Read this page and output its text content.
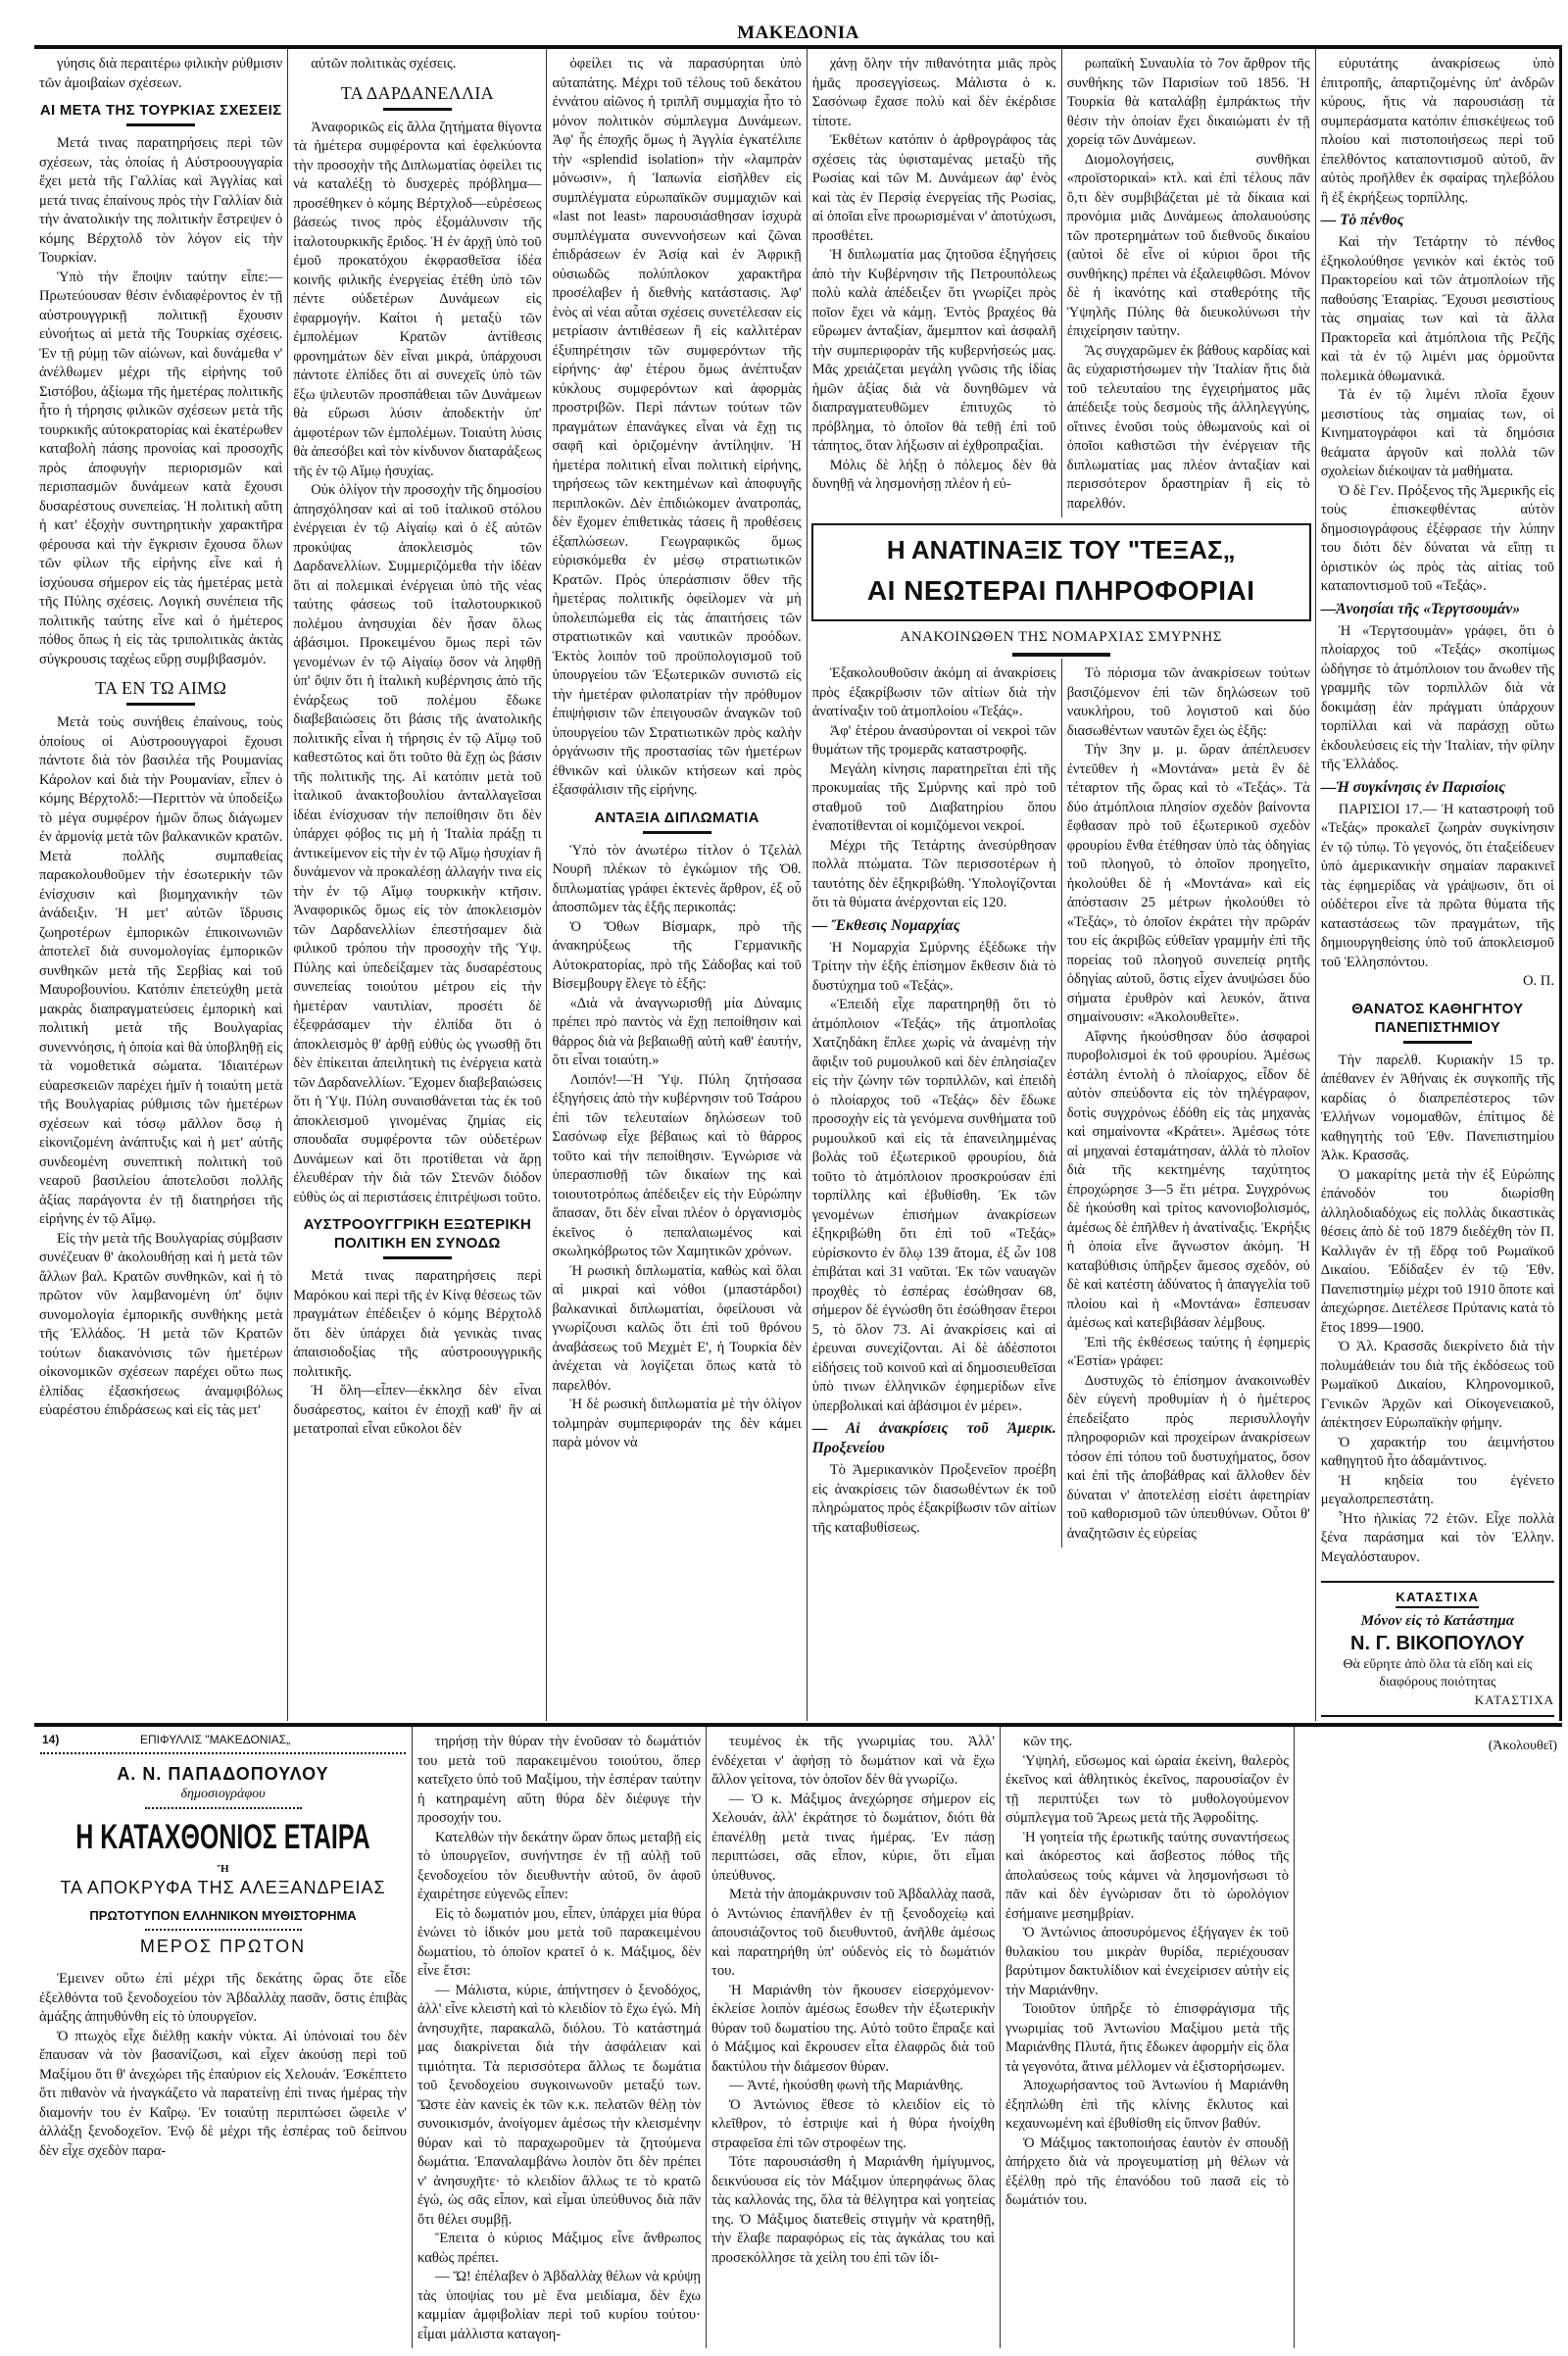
ΜΑΚΕΔΟΝΙΑ

γύησις διὰ περαιτέρω φιλικὴν ρύθμισιν τῶν ἀμοιβαίων σχέσεων.

ΑΙ ΜΕΤΑ ΤΗΣ ΤΟΥΡΚΙΑΣ ΣΧΕΣΕΙΣ

Μετά τινας παρατηρήσεις περὶ τῶν σχέσεων, τὰς ὁποίας ἡ Αὐστροουγγαρία ἔχει μετὰ τῆς Γαλλίας καὶ Ἀγγλίας καὶ μετά τινας ἐπαίνους πρὸς τὴν Γαλλίαν διὰ τὴν ἀνατολικήν της πολιτικὴν ἔστρεψεν ὁ κόμης Βέρχτολδ τὸν λόγον εἰς τὴν Τουρκίαν.

Ὑπὸ τὴν ἔποψιν ταύτην εἶπε:— Πρωτεύουσαν θέσιν ἐνδιαφέροντος ἐν τῇ αὐστρουγγρικῇ πολιτικῇ ἔχουσιν εὐνοήτως αἱ μετὰ τῆς Τουρκίας σχέσεις. Ἐν τῇ ρύμῃ τῶν αἰώνων, καὶ δυνάμεθα ν' ἀνέλθωμεν μέχρι τῆς εἰρήνης τοῦ Σιστόβου, ἀξίωμα τῆς ἡμετέρας πολιτικῆς ἦτο ἡ τήρησις φιλικῶν σχέσεων μετὰ τῆς τουρκικῆς αὐτοκρατορίας καὶ ἑκατέρωθεν καταβολὴ πάσης προνοίας καὶ προσοχῆς πρὸς ἀποφυγὴν περιορισμῶν καὶ περισπασμῶν δυνάμεων κατὰ ἔχουσι δυσαρέστους συνεπείας. Ἡ πολιτικὴ αὕτη ἡ κατ' ἐξοχὴν συντηρητικὴν χαρακτῆρα φέρουσα καὶ τὴν ἔγκρισιν ἔχουσα ὅλων τῶν φίλων τῆς εἰρήνης εἶνε καὶ ἡ ἰσχύουσα σήμερον εἰς τὰς ἡμετέρας μετὰ τῆς Πύλης σχέσεις. Λογικὴ συνέπεια τῆς πολιτικῆς ταύτης εἶνε καὶ ὁ ἡμέτερος πόθος ὅπως ἡ εἰς τὰς τριπολιτικὰς ἀκτὰς σύγκρουσις ταχέως εὕρῃ συμβιβασμόν.

ΤΑ ΕΝ ΤΩ ΑΙΜΩ

Μετὰ τοὺς συνήθεις ἐπαίνους, τοὺς ὁποίους οἱ Αὐστροουγγαροὶ ἔχουσι πάντοτε διὰ τὸν βασιλέα τῆς Ρουμανίας Κάρολον καὶ διὰ τὴν Ρουμανίαν, εἶπεν ὁ κόμης Βέρχτολδ:—Περιττὸν νὰ ὑποδείξω τὸ μέγα συμφέρον ἡμῶν ὅπως διάγωμεν ἐν ἁρμονίᾳ μετὰ τῶν βαλκανικῶν κρατῶν. Μετὰ πολλῆς συμπαθείας παρακολουθοῦμεν τὴν ἐσωτερικὴν τῶν ἐνίσχυσιν καὶ βιομηχανικὴν τῶν ἀνάδειξιν. Ἡ μετ' αὐτῶν ἵδρυσις ζωηροτέρων ἐμπορικῶν ἐπικοινωνιῶν ἀποτελεῖ διὰ συνομολογίας ἐμπορικῶν συνθηκῶν μετὰ τῆς Σερβίας καὶ τοῦ Μαυροβουνίου. Κατόπιν ἐπετεύχθη μετὰ μακρὰς διαπραγματεύσεις ἐμπορικὴ καὶ πολιτικὴ μετὰ τῆς Βουλγαρίας συνεννόησις, ἡ ὁποία καὶ θὰ ὑποβληθῇ εἰς τὰ νομοθετικὰ σώματα. Ἰδιαιτέρων εὐαρεσκειῶν παρέχει ἡμῖν ἡ τοιαύτη μετὰ τῆς Βουλγαρίας ρύθμισις τῶν ἡμετέρων σχέσεων καὶ τόσῳ μᾶλλον ὅσῳ ἡ εἰκονιζομένη ἀνάπτυξις καὶ ἡ μετ' αὐτῆς συνδεομένη συνεπτικὴ πολιτικὴ τοῦ νεαροῦ βασιλείου ἀποτελοῦσι πολλῆς ἀξίας παράγοντα ἐν τῇ διατηρήσει τῆς εἰρήνης ἐν τῷ Αἵμῳ.

Εἰς τὴν μετὰ τῆς Βουλγαρίας σύμβασιν συνέζευαν θ' ἀκολουθήσῃ καὶ ἡ μετὰ τῶν ἄλλων βαλ. Κρατῶν συνθηκῶν, καὶ ἡ τὸ πρῶτον νῦν λαμβανομένη ὑπ' ὄψιν συνομολογία ἐμπορικῆς συνθήκης μετὰ τῆς Ἑλλάδος. Ἡ μετὰ τῶν Κρατῶν τούτων διακανόνισις τῶν ἡμετέρων οἰκονομικῶν σχέσεων παρέχει οὕτω πως ἐλπίδας ἐξασκήσεως ἀναμφιβόλως εὐαρέστου ἐπιδράσεως καὶ εἰς τὰς μετ'

αὐτῶν πολιτικὰς σχέσεις.

ΤΑ ΔΑΡΔΑΝΕΛΛΙΑ

Ἀναφορικῶς εἰς ἄλλα ζητήματα θίγοντα τὰ ἡμέτερα συμφέροντα καὶ ἑφελκύοντα τὴν προσοχὴν τῆς Διπλωματίας ὀφείλει τις νὰ καταλέξῃ τὸ δυσχερὲς πρόβλημα— προσέθηκεν ὁ κόμης Βέρτχλοδ—εὑρέσεως βάσεώς τινος πρὸς ἐξομάλυνσιν τῆς ἰταλοτουρκικῆς ἔριδος. Ἡ ἐν ἀρχῇ ὑπὸ τοῦ ἐμοῦ προκατόχου ἐκφρασθεῖσα ἰδέα κοινῆς φιλικῆς ἐνεργείας ἐτέθη ὑπὸ τῶν πέντε οὐδετέρων Δυνάμεων εἰς ἐφαρμογήν. Καίτοι ἡ μεταξὺ τῶν ἐμπολέμων Κρατῶν ἀντίθεσις φρονημάτων δὲν εἶναι μικρά, ὑπάρχουσι πάντοτε ἐλπίδες ὅτι αἱ συνεχεῖς ὑπὸ τῶν ἔξω ψιλευτῶν προσπάθειαι τῶν Δυνάμεων θὰ εὕρωσι λύσιν ἀποδεκτὴν ὑπ' ἀμφοτέρων τῶν ἐμπολέμων. Τοιαύτη λύσις θὰ ἀπεσόβει καὶ τὸν κίνδυνον διαταράξεως τῆς ἐν τῷ Αἵμῳ ἡσυχίας.

Οὐκ ὀλίγον τὴν προσοχὴν τῆς δημοσίου ἀπησχόλησαν καὶ αἱ τοῦ ἰταλικοῦ στόλου ἐνέργειαι ἐν τῷ Αἰγαίῳ καὶ ὁ ἐξ αὐτῶν προκύψας ἀποκλεισμὸς τῶν Δαρδανελλίων. Συμμεριζόμεθα τὴν ἰδέαν ὅτι αἱ πολεμικαὶ ἐνέργειαι ὑπὸ τῆς νέας ταύτης φάσεως τοῦ ἰταλοτουρκικοῦ πολέμου ἀνησυχίαι δὲν ἦσαν ὅλως ἀβάσιμοι. Προκειμένου ὅμως περὶ τῶν γενομένων ἐν τῷ Αἰγαίῳ ὅσον νὰ ληφθῇ ὑπ' ὄψιν ὅτι ἡ ἰταλικὴ κυβέρνησις ἀπὸ τῆς ἐνάρξεως τοῦ πολέμου ἔδωκε διαβεβαιώσεις ὅτι βάσις τῆς ἀνατολικῆς πολιτικῆς εἶναι ἡ τήρησις ἐν τῷ Αἵμῳ τοῦ καθεστῶτος καὶ ὅτι τοῦτο θὰ ἔχῃ ὡς βάσιν τῆς πολιτικῆς της. Αἱ κατόπιν μετὰ τοῦ ἰταλικοῦ ἀνακτοβουλίου ἀνταλλαγεῖσαι ἰδέαι ἐνίσχυσαν τὴν πεποίθησιν ὅτι δὲν ὑπάρχει φόβος τις μὴ ἡ Ἰταλία πράξῃ τι ἀντικείμενον εἰς τὴν ἐν τῷ Αἵμῳ ἡσυχίαν ἢ δυνάμενον νὰ προκαλέσῃ ἀλλαγήν τινα εἰς τὴν ἐν τῷ Αἵμῳ τουρκικὴν κτῆσιν. Ἀναφορικῶς ὅμως εἰς τὸν ἀποκλεισμὸν τῶν Δαρδανελλίων ἐπεστήσαμεν διὰ φιλικοῦ τρόπου τὴν προσοχὴν τῆς Ὑψ. Πύλης καὶ ὑπεδείξαμεν τὰς δυσαρέστους συνεπείας τοιούτου μέτρου εἰς τὴν ἡμετέραν ναυτιλίαν, προσέτι δὲ ἐξεφράσαμεν τὴν ἐλπίδα ὅτι ὁ ἀποκλεισμὸς θ' ἀρθῇ εὐθὺς ὡς γνωσθῇ ὅτι δὲν ἐπίκειται ἀπειλητικὴ τις ἐνέργεια κατὰ τῶν Δαρδανελλίων. Ἔχομεν διαβεβαιώσεις ὅτι ἡ Ὑψ. Πύλη συναισθάνεται τὰς ἐκ τοῦ ἀποκλεισμοῦ γινομένας ζημίας εἰς σπουδαῖα συμφέροντα τῶν οὐδετέρων Δυνάμεων καὶ ὅτι προτίθεται νὰ ἄρῃ ἐλευθέραν τὴν διὰ τῶν Στενῶν διόδον εὐθὺς ὡς αἱ περιστάσεις ἐπιτρέψωσι τοῦτο.

ΑΥΣΤΡΟΟΥΓΓΡΙΚΗ ΕΞΩΤΕΡΙΚΗ ΠΟΛΙΤΙΚΗ ΕΝ ΣΥΝΟΔΩ

Μετά τινας παρατηρήσεις περὶ Μαρόκου καὶ περὶ τῆς ἐν Κίνᾳ θέσεως τῶν πραγμάτων ἐπέδειξεν ὁ κόμης Βέρχτολδ ὅτι δὲν ὑπάρχει διὰ γενικὰς τινας ἀπαισιοδοξίας τῆς αὐστροουγγρικῆς πολιτικῆς.

Ἡ ὅλη—εἶπεν—ἐκκλησ δὲν εἶναι δυσάρεστος, καίτοι ἐν ἐποχῇ καθ' ἣν αἱ μετατροπαὶ εἶναι εὔκολοι δὲν

ὀφείλει τις νὰ παρασύρηται ὑπὸ αὐταπάτης. Μέχρι τοῦ τέλους τοῦ δεκάτου ἐννάτου αἰῶνος ἡ τριπλῆ συμμαχία ἦτο τὸ μόνον πολιτικὸν σύμπλεγμα Δυνάμεων. Ἀφ' ἧς ἐποχῆς ὅμως ἡ Ἀγγλία ἐγκατέλιπε τὴν «splendid isolation» τὴν «λαμπρὰν μόνωσιν», ἡ Ἰαπωνία εἰσῆλθεν εἰς συμπλέγματα εὐρωπαϊκῶν συμμαχιῶν καὶ «last not least» παρουσιάσθησαν ἰσχυρὰ συμπλέγματα συνεννοήσεων καὶ ζῶναι ἐπιδράσεων ἐν Ἀσίᾳ καὶ ἐν Ἀφρικῇ οὐσιωδῶς πολύπλοκον χαρακτῆρα προσέλαβεν ἡ διεθνὴς κατάστασις. Ἀφ' ἑνὸς αἱ νέαι αὗται σχέσεις συνετέλεσαν εἰς μετρίασιν ἀντιθέσεων ἢ εἰς καλλιτέραν ἐξυπηρέτησιν τῶν συμφερόντων τῆς εἰρήνης· ἀφ' ἑτέρου ὅμως ἀνέπτυξαν κύκλους συμφερόντων καὶ ἀφορμὰς προστριβῶν. Περὶ πάντων τούτων τῶν πραγμάτων ἐπανάγκες εἶναι νὰ ἔχῃ τις σαφῆ καὶ ὁριζομένην ἀντίληψιν. Ἡ ἡμετέρα πολιτικὴ εἶναι πολιτικὴ εἰρήνης, τηρήσεως τῶν κεκτημένων καὶ ἀποφυγῆς περιπλοκῶν. Δὲν ἐπιδιώκομεν ἀνατροπάς, δὲν ἔχομεν ἐπιθετικὰς τάσεις ἢ προθέσεις ἐξαπλώσεων. Γεωγραφικῶς ὅμως εὑρισκόμεθα ἐν μέσῳ στρατιωτικῶν Κρατῶν. Πρὸς ὑπεράσπισιν ὅθεν τῆς ἡμετέρας πολιτικῆς ὀφείλομεν νὰ μὴ ὑπολειπώμεθα εἰς τὰς ἀπαιτήσεις τῶν στρατιωτικῶν καὶ ναυτικῶν προόδων. Ἐκτὸς λοιπὸν τοῦ προϋπολογισμοῦ τοῦ ὑπουργείου τῶν Ἐξωτερικῶν συνιστῶ εἰς τὴν ἡμετέραν φιλοπατρίαν τὴν πρόθυμον ἐπιψήφισιν τῶν ἐπειγουσῶν ἀναγκῶν τοῦ ὑπουργείου τῶν Στρατιωτικῶν πρὸς καλὴν ὀργάνωσιν τῆς προστασίας τῶν ἡμετέρων ἐθνικῶν καὶ ὑλικῶν κτήσεων καὶ πρὸς ἐξασφάλισιν τῆς εἰρήνης.

ΑΝΤΑΞΙΑ ΔΙΠΛΩΜΑΤΙΑ

Ὑπὸ τὸν ἀνωτέρω τίτλον ὁ Τζελὰλ Νουρῆ πλέκων τὸ ἐγκώμιον τῆς Ὀθ. διπλωματίας γράφει ἐκτενὲς ἄρθρον, ἐξ οὗ ἀποσπῶμεν τὰς ἑξῆς περικοπάς:

Ὁ Ὄθων Βίσμαρκ, πρὸ τῆς ἀνακηρύξεως τῆς Γερμανικῆς Αὐτοκρατορίας, πρὸ τῆς Σάδοβας καὶ τοῦ Βίσεμβουργ ἔλεγε τὸ ἑξῆς:

«Διὰ νὰ ἀναγνωρισθῇ μία Δύναμις πρέπει πρὸ παντὸς νὰ ἔχῃ πεποίθησιν καὶ θάρρος διὰ νὰ βεβαιωθῇ αὐτὴ καθ' ἑαυτήν, ὅτι εἶναι τοιαύτη.»

Λοιπόν!—Ἡ Ὑψ. Πύλη ζητήσασα ἐξηγήσεις ἀπὸ τὴν κυβέρνησιν τοῦ Τσάρου ἐπὶ τῶν τελευταίων δηλώσεων τοῦ Σασόνωφ εἶχε βέβαιως καὶ τὸ θάρρος τοῦτο καὶ τὴν πεποίθησιν. Ἐγνώρισε νὰ ὑπερασπισθῇ τῶν δικαίων της καὶ τοιουτοτρόπως ἀπέδειξεν εἰς τὴν Εὐρώπην ἅπασαν, ὅτι δὲν εἶναι πλέον ὁ ὀργανισμὸς ἐκεῖνος ὁ πεπαλαιωμένος καὶ σκωληκόβρωτος τῶν Χαμητικῶν χρόνων.

Ἡ ρωσικὴ διπλωματία, καθὼς καὶ ὅλαι αἱ μικραὶ καὶ νόθοι (μπαστάρδοι) βαλκανικαὶ διπλωματίαι, ὀφείλουσι νὰ γνωρίζουσι καλῶς ὅτι ἐπὶ τοῦ θρόνου ἀναβάσεως τοῦ Μεχμὲτ Ε', ἡ Τουρκία δὲν ἀνέχεται νὰ λογίζεται ὅπως κατὰ τὸ παρελθόν.

Ἡ δὲ ρωσικὴ διπλωματία μὲ τὴν ὀλίγον τολμηρὰν συμπεριφοράν της δὲν κάμει παρὰ μόνον νὰ

χάνῃ ὅλην τὴν πιθανότητα μιᾶς πρὸς ἡμᾶς προσεγγίσεως. Μάλιστα ὁ κ. Σασόνωφ ἔχασε πολὺ καὶ δὲν ἐκέρδισε τίποτε.

Ἐκθέτων κατόπιν ὁ ἀρθρογράφος τὰς σχέσεις τὰς ὑφισταμένας μεταξὺ τῆς Ρωσίας καὶ τῶν Μ. Δυνάμεων ἀφ' ἑνὸς καὶ τὰς ἐν Περσίᾳ ἐνεργείας τῆς Ρωσίας, αἱ ὁποῖαι εἶνε προωρισμέναι ν' ἀποτύχωσι, προσθέτει.

Ἡ διπλωματία μας ζητοῦσα ἐξηγήσεις ἀπὸ τὴν Κυβέρνησιν τῆς Πετρουπόλεως πολὺ καλὰ ἀπέδειξεν ὅτι γνωρίζει πρὸς ποῖον ἔχει νὰ κάμῃ. Ἐντὸς βραχέος θὰ εὕρωμεν ἀνταξίαν, ἄμεμπτον καὶ ἀσφαλῆ τὴν συμπεριφορὰν τῆς κυβερνήσεώς μας. Μᾶς χρειάζεται μεγάλη γνῶσις τῆς ἰδίας ἡμῶν ἀξίας διὰ νὰ δυνηθῶμεν νὰ διαπραγματευθῶμεν ἐπιτυχῶς τὸ πρόβλημα, τὸ ὁποῖον θὰ τεθῇ ἐπὶ τοῦ τάπητος, ὅταν λήξωσιν αἱ ἐχθροπραξίαι.

Μόλις δὲ λήξῃ ὁ πόλεμος δὲν θὰ δυνηθῇ νὰ λησμονήσῃ πλέον ἡ εὐ-

ρωπαϊκὴ Συναυλία τὸ 7ον ἄρθρον τῆς συνθήκης τῶν Παρισίων τοῦ 1856. Ἡ Τουρκία θὰ καταλάβῃ ἐμπράκτως τὴν θέσιν τὴν ὁποίαν ἔχει δικαιώματι ἐν τῇ χορείᾳ τῶν Δυνάμεων.

Διομολογήσεις, συνθῆκαι «προϊστορικαὶ» κτλ. καὶ ἐπὶ τέλους πᾶν ὅ,τι δὲν συμβιβάζεται μὲ τὰ δίκαια καὶ προνόμια μιᾶς Δυνάμεως ἀπολαυούσης τῶν προτερημάτων τοῦ διεθνοῦς δικαίου (αὐτοὶ δὲ εἶνε οἱ κύριοι ὅροι τῆς συνθήκης) πρέπει νὰ ἐξαλειφθῶσι. Μόνον δὲ ἡ ἱκανότης καὶ σταθερότης τῆς Ὑψηλῆς Πύλης θὰ διευκολύνωσι τὴν ἐπιχείρησιν ταύτην.

Ἂς συγχαρῶμεν ἐκ βάθους καρδίας καὶ ἂς εὐχαριστήσωμεν τὴν Ἰταλίαν ἥτις διὰ τοῦ τελευταίου της ἐγχειρήματος μᾶς ἀπέδειξε τοὺς δεσμοὺς τῆς ἀλληλεγγύης, οἵτινες ἑνοῦσι τοὺς ὀθωμανοὺς καὶ οἱ ὁποῖοι καθιστῶσι τὴν ἐνέργειαν τῆς διπλωματίας μας πλέον ἀνταξίαν καὶ περισσότερον δραστηρίαν ἢ εἰς τὸ παρελθόν.

Η ΑΝΑΤΙΝΑΞΙΣ ΤΟΥ "ΤΕΞΑΣ„
ΑΙ ΝΕΩΤΕΡΑΙ ΠΛΗΡΟΦΟΡΙΑΙ
ΑΝΑΚΟΙΝΩΘΕΝ ΤΗΣ ΝΟΜΑΡΧΙΑΣ ΣΜΥΡΝΗΣ

Ἐξακολουθοῦσιν ἀκόμη αἱ ἀνακρίσεις πρὸς ἐξακρίβωσιν τῶν αἰτίων διὰ τὴν ἀνατίναξιν τοῦ ἀτμοπλοίου «Τεξάς».

Ἀφ' ἑτέρου ἀνασύρονται οἱ νεκροὶ τῶν θυμάτων τῆς τρομερᾶς καταστροφῆς.

Μεγάλη κίνησις παρατηρεῖται ἐπὶ τῆς προκυμαίας τῆς Σμύρνης καὶ πρὸ τοῦ σταθμοῦ τοῦ Διαβατηρίου ὅπου ἐναποτίθενται οἱ κομιζόμενοι νεκροί.

Μέχρι τῆς Τετάρτης ἀνεσύρθησαν πολλὰ πτώματα. Τῶν περισσοτέρων ἡ ταυτότης δὲν ἐξηκριβώθη. Ὑπολογίζονται ὅτι τὰ θύματα ἀνέρχονται εἰς 120.

— Ἔκθεσις Νομαρχίας

Ἡ Νομαρχία Σμύρνης ἐξέδωκε τὴν Τρίτην τὴν ἑξῆς ἐπίσημον ἔκθεσιν διὰ τὸ δυστύχημα τοῦ «Τεξάς».

«Ἐπειδὴ εἶχε παρατηρηθῇ ὅτι τὸ ἀτμόπλοιον «Τεξάς» τῆς ἀτμοπλοΐας Χατζηδάκη ἔπλεε χωρὶς νὰ ἀναμένῃ τὴν ἄφιξιν τοῦ ρυμουλκοῦ καὶ δὲν ἐπλησίαζεν εἰς τὴν ζώνην τῶν τορπιλλῶν, καὶ ἐπειδὴ ὁ πλοίαρχος τοῦ «Τεξάς» δὲν ἔδωκε προσοχὴν εἰς τὰ γενόμενα συνθήματα τοῦ ρυμουλκοῦ καὶ εἰς τὰ ἐπανειλημμένας βολὰς τοῦ ἐξωτερικοῦ φρουρίου, διὰ τοῦτο τὸ ἀτμόπλοιον προσκρούσαν ἐπὶ τορπίλλης καὶ ἐβυθίσθη. Ἐκ τῶν γενομένων ἐπισήμων ἀνακρίσεων ἐξηκριβώθη ὅτι ἐπὶ τοῦ «Τεξάς» εὑρίσκοντο ἐν ὅλῳ 139 ἄτομα, ἐξ ὧν 108 ἐπιβάται καὶ 31 ναῦται. Ἐκ τῶν ναυαγῶν προχθὲς τὸ ἑσπέρας ἐσώθησαν 68, σήμερον δὲ ἐγνώσθη ὅτι ἐσώθησαν ἔτεροι 5, τὸ ὅλον 73. Αἱ ἀνακρίσεις καὶ αἱ ἐρευναι συνεχίζονται. Αἱ δὲ ἀδέσποτοι εἰδήσεις τοῦ κοινοῦ καὶ αἱ δημοσιευθεῖσαι ὑπὸ τινων ἑλληνικῶν ἐφημερίδων εἶνε ὑπερβολικαὶ καὶ ἀβάσιμοι ἐν μέρει».

— Αἱ ἀνακρίσεις τοῦ Ἀμερικ. Προξενείου

Τὸ Ἀμερικανικὸν Προξενεῖον προέβη εἰς ἀνακρίσεις τῶν διασωθέντων ἐκ τοῦ πληρώματος πρὸς ἐξακρίβωσιν τῶν αἰτίων τῆς καταβυθίσεως.

Τὸ πόρισμα τῶν ἀνακρίσεων τούτων βασιζόμενον ἐπὶ τῶν δηλώσεων τοῦ ναυκλήρου, τοῦ λογιστοῦ καὶ δύο διασωθέντων ναυτῶν ἔχει ὡς ἑξῆς:

Τὴν 3ην μ. μ. ὥραν ἀπέπλευσεν ἐντεῦθεν ἡ «Μοντάνα» μετὰ ἓν δὲ τέταρτον τῆς ὥρας καὶ τὸ «Τεξάς». Τὰ δύο ἀτμόπλοια πλησίον σχεδὸν βαίνοντα ἔφθασαν πρὸ τοῦ ἐξωτερικοῦ σχεδὸν φρουρίου ἔνθα ἐτέθησαν ὑπὸ τὰς ὁδηγίας τοῦ πλοηγοῦ, τὸ ὁποῖον προηγεῖτο, ἠκολούθει δὲ ἡ «Μοντάνα» καὶ εἰς ἀπόστασιν 25 μέτρων ἠκολούθει τὸ «Τεξάς», τὸ ὁποῖον ἐκράτει τὴν πρῶράν του εἰς ἀκριβῶς εὐθεῖαν γραμμὴν ἐπὶ τῆς πορείας τοῦ πλοηγοῦ συνεπείᾳ ρητῆς ὁδηγίας αὐτοῦ, ὅστις εἶχεν ἀνυψώσει δύο σήματα ἐρυθρὸν καὶ λευκόν, ἅτινα σημαίνουσιν: «Ἀκολουθεῖτε».

Αἴφνης ἠκούσθησαν δύο ἀσφαροὶ πυροβολισμοὶ ἐκ τοῦ φρουρίου. Ἀμέσως ἐστάλη ἐντολὴ ὁ πλοίαρχος, εἶδον δὲ αὐτὸν σπεύδοντα εἰς τὸν τηλέγραφον, δοτὶς συγχρόνως ἐδόθη εἰς τὰς μηχανὰς καὶ σημαίνοντα «Κράτει». Ἀμέσως τότε αἱ μηχαναὶ ἐσταμάτησαν, ἀλλὰ τὸ πλοῖον διὰ τῆς κεκτημένης ταχύτητος ἐπροχώρησε 3—5 ἔτι μέτρα. Συγχρόνως δὲ ἠκούσθη καὶ τρίτος κανονιοβολισμός, ἀμέσως δὲ ἐπῆλθεν ἡ ἀνατίναξις. Ἐκρήξις ἡ ὁποία εἶνε ἄγνωστον ἀκόμη. Ἡ καταβύθισις ὑπῆρξεν ἄμεσος σχεδόν, οὐ δὲ καὶ κατέστη ἀδύνατος ἡ ἀπαγγελία τοῦ πλοίου καὶ ἡ «Μοντάνα» ἔσπευσαν ἀμέσως καὶ κατεβιβάσαν λέμβους.

Ἐπὶ τῆς ἐκθέσεως ταύτης ἡ ἐφημερὶς «Ἐστία» γράφει:

Δυστυχῶς τὸ ἐπίσημον ἀνακοινωθὲν δὲν εὐγενὴ προθυμίαν ἡ ὁ ἡμέτερος ἐπεδείξατο πρὸς περισυλλογὴν πληροφοριῶν καὶ προχείρων ἀνακρίσεων τόσον ἐπὶ τόπου τοῦ δυστυχήματος, ὅσον καὶ ἐπὶ τῆς ἀποβάθρας καὶ ἄλλοθεν δὲν δύναται ν' ἀποτελέσῃ εἰσέτι ἀφετηρίαν τοῦ καθορισμοῦ τῶν ὑπευθύνων. Οὗτοι θ' ἀναζητῶσιν ἐς εὐρείας

εὐρυτάτης ἀνακρίσεως ὑπὸ ἐπιτροπῆς, ἀπαρτιζομένης ὑπ' ἀνδρῶν κύρους, ἥτις νὰ παρουσιάσῃ τὰ συμπεράσματα κατόπιν ἐπισκέψεως τοῦ πλοίου καὶ πιστοποιήσεως περὶ τοῦ ἐπελθόντος καταποντισμοῦ αὐτοῦ, ἂν αὐτὸς προῆλθεν ἐκ σφαίρας τηλεβόλου ἢ ἐξ ἐκρήξεως τορπίλλης.

— Τὸ πένθος

Καὶ τὴν Τετάρτην τὸ πένθος ἐξηκολούθησε γενικὸν καὶ ἐκτὸς τοῦ Πρακτορείου καὶ τῶν ἀτμοπλοίων τῆς παθούσης Ἑταιρίας. Ἔχουσι μεσιστίους τὰς σημαίας των καὶ τὰ ἄλλα Πρακτορεῖα καὶ ἀτμόπλοια τῆς Ρεζῆς καὶ τὰ ἐν τῷ λιμένι μας ὁρμοῦντα πολεμικὰ ὀθωμανικά.

Τὰ ἐν τῷ λιμένι πλοῖα ἔχουν μεσιστίους τὰς σημαίας των, οἱ Κινηματογράφοι καὶ τὰ δημόσια θεάματα ἀργοῦν καὶ πολλὰ τῶν σχολείων διέκοψαν τὰ μαθήματα.

Ὁ δὲ Γεν. Πρόξενος τῆς Ἀμερικῆς εἰς τοὺς ἐπισκεφθέντας αὐτὸν δημοσιογράφους ἐξέφρασε τὴν λύπην του διότι δὲν δύναται νὰ εἴπῃ τι ὁριστικὸν ὡς πρὸς τὰς αἰτίας τοῦ καταποντισμοῦ τοῦ «Τεξάς».

—Ἀνοησίαι τῆς «Τεργτσουμάν»

Ἡ «Τεργτσουμὰν» γράφει, ὅτι ὁ πλοίαρχος τοῦ «Τεξάς» σκοπίμως ὡδήγησε τὸ ἀτμόπλοιον του ἄνωθεν τῆς γραμμῆς τῶν τορπιλλῶν διὰ νὰ δοκιμάσῃ ἐὰν πράγματι ὑπάρχουν τορπίλλαι καὶ νὰ παράσχῃ οὕτω ἐκδουλεύσεις εἰς τὴν Ἰταλίαν, τὴν φίλην τῆς Ἑλλάδος.

—Ἡ συγκίνησις ἐν Παρισίοις

ΠΑΡΙΣΙΟΙ 17.— Ἡ καταστροφὴ τοῦ «Τεξάς» προκαλεῖ ζωηρὰν συγκίνησιν ἐν τῷ τύπῳ. Τὸ γεγονός, ὅτι ἐταξείδευεν ὑπὸ ἀμερικανικὴν σημαίαν παρακινεῖ τὰς ἐφημερίδας νὰ γράψωσιν, ὅτι οἱ οὐδέτεροι εἶνε τὰ πρῶτα θύματα τῆς καταστάσεως τῶν πραγμάτων, τῆς δημιουργηθείσης ὑπὸ τοῦ ἀποκλεισμοῦ τοῦ Ἑλλησπόντου.

Ο. Π.
ΘΑΝΑΤΟΣ ΚΑΘΗΓΗΤΟΥ ΠΑΝΕΠΙΣΤΗΜΙΟΥ

Τὴν παρελθ. Κυριακὴν 15 τρ. ἀπέθανεν ἐν Ἀθήναις ἐκ συγκοπῆς τῆς καρδίας ὁ διαπρεπέστερος τῶν Ἑλλήνων νομομαθῶν, ἐπίτιμος δὲ καθηγητὴς τοῦ Ἐθν. Πανεπιστημίου Ἀλκ. Κρασσᾶς.

Ὁ μακαρίτης μετὰ τὴν ἐξ Εὐρώπης ἐπάνοδόν του διωρίσθη ἀλληλοδιαδόχως εἰς πολλὰς δικαστικὰς θέσεις ἀπὸ δὲ τοῦ 1879 διεδέχθη τὸν Π. Καλλιγᾶν ἐν τῇ ἕδρᾳ τοῦ Ρωμαϊκοῦ Δικαίου. Ἐδίδαξεν ἐν τῷ Ἐθν. Πανεπιστημίῳ μέχρι τοῦ 1910 ὅποτε καὶ ἀπεχώρησε. Διετέλεσε Πρύτανις κατὰ τὸ ἔτος 1899—1900.

Ὁ Ἀλ. Κρασσᾶς διεκρίνετο διὰ τὴν πολυμάθειάν του διὰ τῆς ἐκδόσεως τοῦ Ρωμαϊκοῦ Δικαίου, Κληρονομικοῦ, Γενικῶν Ἀρχῶν καὶ Οἰκογενειακοῦ, ἀπέκτησεν Εὐρωπαϊκὴν φήμην.

Ὁ χαρακτήρ του ἀειμνήστου καθηγητοῦ ἦτο ἀδαμάντινος.

Ἡ κηδεία του ἐγένετο μεγαλοπρεπεστάτη.

Ἦτο ἡλικίας 72 ἐτῶν. Εἶχε πολλὰ ξένα παράσημα καὶ τὸν Ἑλλην. Μεγαλόσταυρον.

ΚΑΤΑΣΤΙΧΑ
Μόνον εἰς τὸ Κατάστημα
Ν. Γ. ΒΙΚΟΠΟΥΛΟΥ
Θὰ εὕρητε ἀπὸ ὅλα τὰ εἴδη καὶ εἰς διαφόρους ποιότητας
ΚΑΤΑΣΤΙΧΑ
14)	ΕΠΙΦΥΛΛΙΣ "ΜΑΚΕΔΟΝΙΑΣ„
Α. Ν. ΠΑΠΑΔΟΠΟΥΛΟΥ
δημοσιογράφου
Η ΚΑΤΑΧΘΟΝΙΟΣ ΕΤΑΙΡΑ
Ἤ
ΤΑ ΑΠΟΚΡΥΦΑ ΤΗΣ ΑΛΕΞΑΝΔΡΕΙΑΣ
ΠΡΩΤΟΤΥΠΟΝ ΕΛΛΗΝΙΚΟΝ ΜΥΘΙΣΤΟΡΗΜΑ
ΜΕΡΟΣ ΠΡΩΤΟΝ

Ἐμεινεν οὕτω ἐπὶ μέχρι τῆς δεκάτης ὥρας ὅτε εἶδε ἐξελθόντα τοῦ ξενοδοχείου τὸν Ἀβδαλλὰχ πασᾶν, ὅστις ἐπιβὰς ἀμάξης ἀπηυθύνθη εἰς τὸ ὑπουργεῖον.

Ὁ πτωχὸς εἶχε διέλθῃ κακὴν νύκτα. Αἱ ὑπόνοιαί του δὲν ἔπαυσαν νὰ τὸν βασανίζωσι, καὶ εἶχεν ἀκούσῃ περὶ τοῦ Μαξίμου ὅτι θ' ἀνεχώρει τῆς ἐπαύριον εἰς Χελουάν. Ἐσκέπτετο ὅτι πιθανὸν νὰ ἠναγκάζετο νὰ παρατείνῃ ἐπὶ τινας ἡμέρας τὴν διαμονήν του ἐν Καΐρῳ. Ἐν τοιαύτῃ περιπτώσει ὤφειλε ν' ἀλλάξῃ ξενοδοχεῖον. Ἐνῷ δὲ μέχρι τῆς ἑσπέρας τοῦ δείπνου δὲν εἶχε σχεδὸν παρα-

τηρήσῃ τὴν θύραν τὴν ἑνοῦσαν τὸ δωμάτιόν του μετὰ τοῦ παρακειμένου τοιούτου, ὅπερ κατεῖχετο ὑπὸ τοῦ Μαξίμου, τὴν ἑσπέραν ταύτην ἡ κατηραμένη αὕτη θύρα δὲν διέφυγε τὴν προσοχήν του.

Κατελθὼν τὴν δεκάτην ὥραν ὅπως μεταβῇ εἰς τὸ ὑπουργεῖον, συνήντησε ἐν τῇ αὐλῇ τοῦ ξενοδοχείου τὸν διευθυντὴν αὐτοῦ, ὃν ἀφοῦ ἐχαιρέτησε εὐγενῶς εἶπεν:

Εἰς τὸ δωματιόν μου, εἶπεν, ὑπάρχει μία θύρα ἑνώνει τὸ ἰδικόν μου μετὰ τοῦ παρακειμένου δωματίου, τὸ ὁποῖον κρατεῖ ὁ κ. Μάξιμος, δὲν εἶνε ἔτσι:

— Μάλιστα, κύριε, ἀπήντησεν ὁ ξενοδόχος, ἀλλ' εἶνε κλειστὴ καὶ τὸ κλειδίον τὸ ἔχω ἐγώ. Μὴ ἀνησυχῆτε, παρακαλῶ, διόλου. Τὸ κατάστημά μας διακρίνεται διὰ τὴν ἀσφάλειαν καὶ τιμιότητα. Τὰ περισσότερα ἄλλως τε δωμάτια τοῦ ξενοδοχείου συγκοινωνοῦν μεταξύ των. Ὥστε ἐὰν κανεὶς ἐκ τῶν κ.κ. πελατῶν θέλῃ τὸν συνοικισμόν, ἀνοίγομεν ἀμέσως τὴν κλεισμένην θύραν καὶ τὸ παραχωροῦμεν τὰ ζητούμενα δωμάτια. Ἐπαναλαμβάνω λοιπὸν ὅτι δὲν πρέπει ν' ἀνησυχῆτε· τὸ κλειδίον ἄλλως τε τὸ κρατῶ ἐγώ, ὡς σᾶς εἶπον, καὶ εἶμαι ὑπεύθυνος διὰ πᾶν ὅτι θέλει συμβῇ.

Ἔπειτα ὁ κύριος Μάξιμος εἶνε ἄνθρωπος καθὼς πρέπει.

— Ὤ! ἐπέλαβεν ὁ Ἀβδαλλὰχ θέλων νὰ κρύψῃ τὰς ὑποψίας του μὲ ἕνα μειδίαμα, δὲν ἔχω καμμίαν ἀμφιβολίαν περὶ τοῦ κυρίου τούτου· εἶμαι μάλλιστα καταγοη-

τευμένος ἐκ τῆς γνωριμίας του. Ἀλλ' ἐνδέχεται ν' ἀφήσῃ τὸ δωμάτιον καὶ νὰ ἔχω ἄλλον γείτονα, τὸν ὁποῖον δὲν θὰ γνωρίζω.

— Ὁ κ. Μάξιμος ἀνεχώρησε σήμερον εἰς Χελουάν, ἀλλ' ἐκράτησε τὸ δωμάτιον, διότι θὰ ἐπανέλθῃ μετὰ τινας ἡμέρας. Ἐν πάσῃ περιπτώσει, σᾶς εἶπον, κύριε, ὅτι εἶμαι ὑπεύθυνος.

Μετὰ τὴν ἀπομάκρυνσιν τοῦ Ἀβδαλλὰχ πασᾶ, ὁ Ἀντώνιος ἐπανῆλθεν ἐν τῇ ξενοδοχείῳ καὶ ἀπουσιάζοντος τοῦ διευθυντοῦ, ἀνῆλθε ἀμέσως καὶ παρατηρήθη ὑπ' οὐδενὸς εἰς τὸ δωμάτιόν του.

Ἡ Μαριάνθη τὸν ἤκουσεν εἰσερχόμενον· ἐκλείσε λοιπὸν ἀμέσως ἔσωθεν τὴν ἐξωτερικὴν θύραν τοῦ δωματίου της. Αὐτὸ τοῦτο ἔπραξε καὶ ὁ Μάξιμος καὶ ἔκρουσεν εἶτα ἐλαφρῶς διὰ τοῦ δακτύλου τὴν διάμεσον θύραν.

— Ἀντέ, ἠκούσθη φωνὴ τῆς Μαριάνθης.

Ὁ Ἀντώνιος ἔθεσε τὸ κλειδίον εἰς τὸ κλεῖθρον, τὸ ἐστριψε καὶ ἡ θύρα ἠνοίχθη στραφεῖσα ἐπὶ τῶν στροφέων της.

Τότε παρουσιάσθη ἡ Μαριάνθη ἠμίγυμνος, δεικνύουσα εἰς τὸν Μάξιμον ὑπερηφάνως ὅλας τὰς καλλονάς της, ὅλα τὰ θέλγητρα καὶ γοητείας της. Ὁ Μάξιμος διατεθεὶς στιγμὴν νὰ κρατηθῇ, τὴν ἔλαβε παραφόρως εἰς τὰς ἀγκάλας του καὶ προσεκόλλησε τὰ χείλη του ἐπὶ τῶν ἰδι-

κῶν της.

Ὑψηλή, εὔσωμος καὶ ὡραία ἐκείνη, θαλερὸς ἐκεῖνος καὶ ἀθλητικὸς ἐκεῖνος, παρουσίαζον ἐν τῇ περιπτύξει των τὸ μυθολογούμενον σύμπλεγμα τοῦ Ἄρεως μετὰ τῆς Ἀφροδίτης.

Ἡ γοητεία τῆς ἐρωτικῆς ταύτης συναντήσεως καὶ ἀκόρεστος καὶ ἄσβεστος πόθος τῆς ἀπολαύσεως τοὺς κάμνει νὰ λησμονήσωσι τὸ πᾶν καὶ δὲν ἐγνώρισαν ὅτι τὸ ὡρολόγιον ἐσήμαινε μεσημβρίαν.

Ὁ Ἀντώνιος ἀποσυρόμενος ἐξήγαγεν ἐκ τοῦ θυλακίου του μικρὰν θυρίδα, περιέχουσαν βαρύτιμον δακτυλίδιον καὶ ἐνεχείρισεν αὐτὴν εἰς τὴν Μαριάνθην.

Τοιοῦτον ὑπῆρξε τὸ ἐπισφράγισμα τῆς γνωριμίας τοῦ Ἀντωνίου Μαξίμου μετὰ τῆς Μαριάνθης Πλυτά, ἥτις ἔδωκεν ἀφορμὴν εἰς ὅλα τὰ γεγονότα, ἅτινα μέλλομεν νὰ ἐξιστορήσωμεν.

Ἀποχωρήσαντος τοῦ Ἀντωνίου ἡ Μαριάνθη ἐξηπλώθη ἐπὶ τῆς κλίνης ἔκλυτος καὶ κεχαυνωμένη καὶ ἐβυθίσθη εἰς ὕπνον βαθύν.

Ὁ Μάξιμος τακτοποιήσας ἑαυτὸν ἐν σπουδῇ ἀπήρχετο διὰ νὰ προγευματίσῃ μὴ θέλων νὰ ἐξέλθῃ πρὸ τῆς ἐπανόδου τοῦ πασᾶ εἰς τὸ δωμάτιόν του.

(Ἀκολουθεῖ)
